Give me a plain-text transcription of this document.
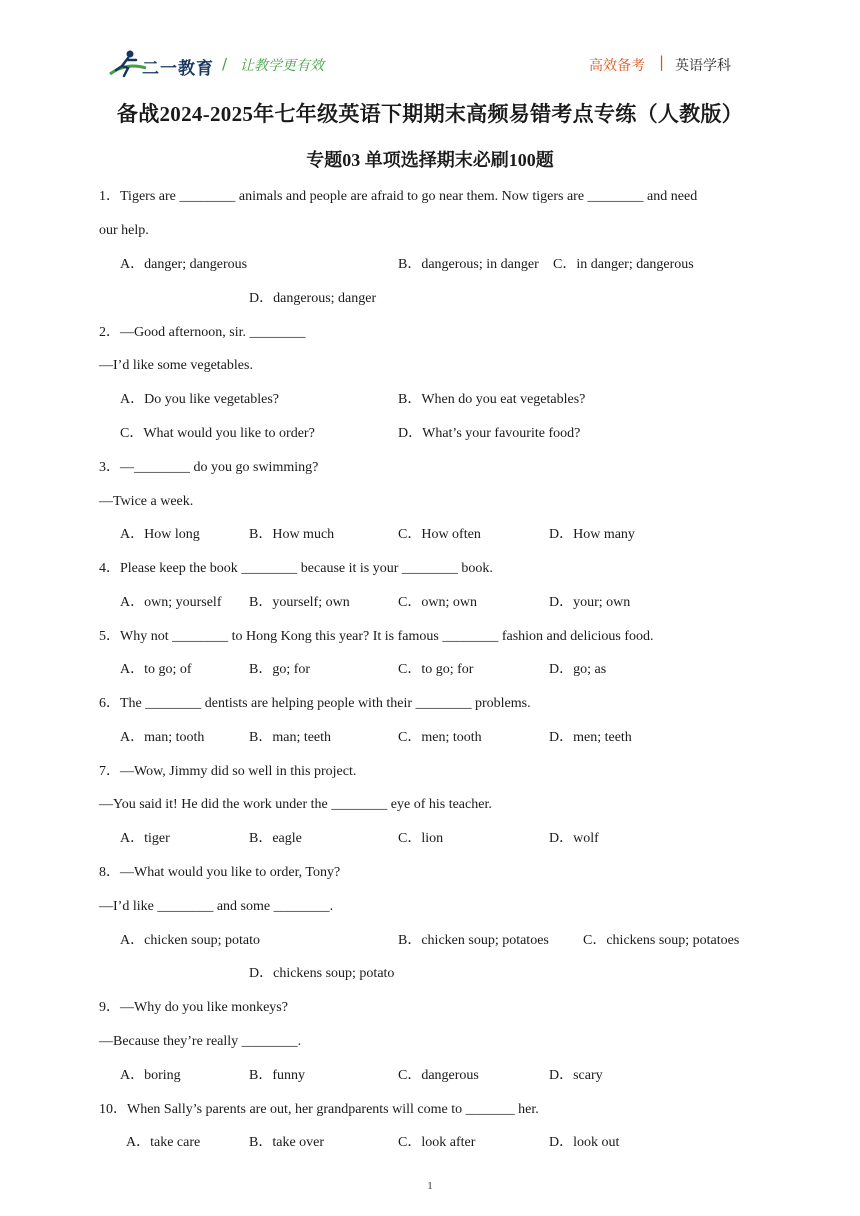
二一教育 / 让教学更有效	高效备考 | 英语学科
备战2024-2025年七年级英语下期期末高频易错考点专练（人教版）
专题03 单项选择期末必刷100题
1．Tigers are ________ animals and people are afraid to go near them. Now tigers are ________ and need
our help.
A．danger; dangerous	B．dangerous; in danger C．in danger; dangerous
D．dangerous; danger
2．—Good afternoon, sir. ________
—I’d like some vegetables.
A．Do you like vegetables?	B．When do you eat vegetables?
C．What would you like to order?	D．What’s your favourite food?
3．—________ do you go swimming?
—Twice a week.
A．How long	B．How much	C．How often	D．How many
4．Please keep the book ________ because it is your ________ book.
A．own; yourself B．yourself; own	C．own; own	D．your; own
5．Why not ________ to Hong Kong this year? It is famous ________ fashion and delicious food.
A．to go; of	B．go; for	C．to go; for	D．go; as
6．The ________ dentists are helping people with their ________ problems.
A．man; tooth	B．man; teeth	C．men; tooth	D．men; teeth
7．—Wow, Jimmy did so well in this project.
—You said it! He did the work under the ________ eye of his teacher.
A．tiger	B．eagle	C．lion	D．wolf
8．—What would you like to order, Tony?
—I’d like ________ and some ________.
A．chicken soup; potato	B．chicken soup; potatoes C．chickens soup; potatoes
D．chickens soup; potato
9．—Why do you like monkeys?
—Because they’re really ________.
A．boring	B．funny	C．dangerous	D．scary
10．When Sally’s parents are out, her grandparents will come to _______ her.
A．take care	B．take over	C．look after	D．look out
1
